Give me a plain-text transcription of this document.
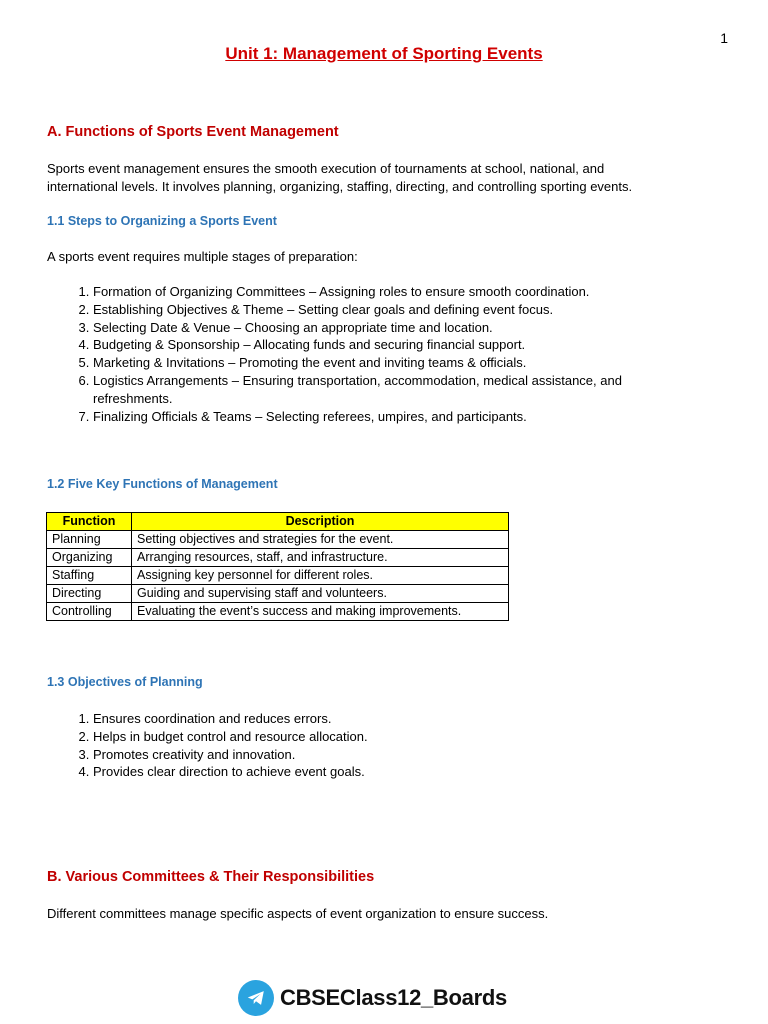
1
Unit 1: Management of Sporting Events
A. Functions of Sports Event Management
Sports event management ensures the smooth execution of tournaments at school, national, and
international levels. It involves planning, organizing, staffing, directing, and controlling sporting events.
1.1 Steps to Organizing a Sports Event
A sports event requires multiple stages of preparation:
1. Formation of Organizing Committees – Assigning roles to ensure smooth coordination.
2. Establishing Objectives & Theme – Setting clear goals and defining event focus.
3. Selecting Date & Venue – Choosing an appropriate time and location.
4. Budgeting & Sponsorship – Allocating funds and securing financial support.
5. Marketing & Invitations – Promoting the event and inviting teams & officials.
6. Logistics Arrangements – Ensuring transportation, accommodation, medical assistance, and refreshments.
7. Finalizing Officials & Teams – Selecting referees, umpires, and participants.
1.2 Five Key Functions of Management
Function	Description
Planning	Setting objectives and strategies for the event.
Organizing	Arranging resources, staff, and infrastructure.
Staffing	Assigning key personnel for different roles.
Directing	Guiding and supervising staff and volunteers.
Controlling	Evaluating the event’s success and making improvements.
1.3 Objectives of Planning
1. Ensures coordination and reduces errors.
2. Helps in budget control and resource allocation.
3. Promotes creativity and innovation.
4. Provides clear direction to achieve event goals.
B. Various Committees & Their Responsibilities
Different committees manage specific aspects of event organization to ensure success.
CBSEClass12_Boards
